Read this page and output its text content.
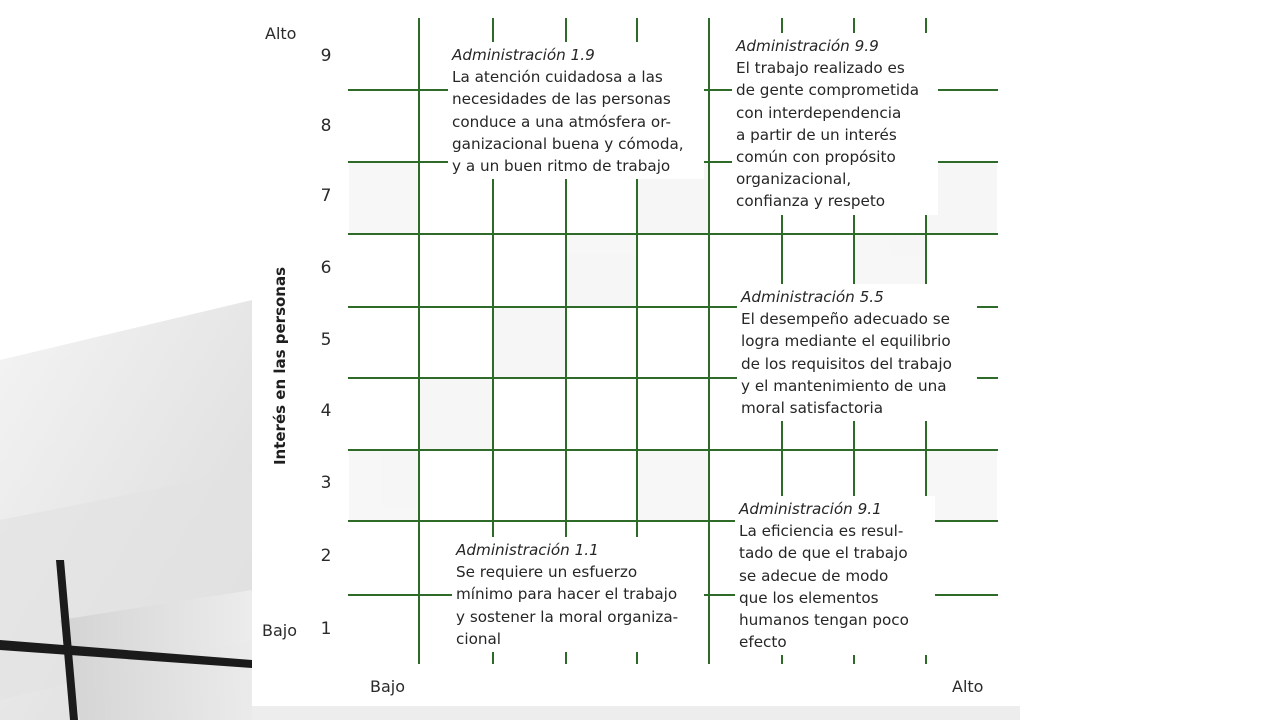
Alto
Bajo
Bajo	Alto
Interés en las personas
9
8
7
6
5
4
3
2
1
Administración 1.9
La atención cuidadosa a las
necesidades de las personas
conduce a una atmósfera or-
ganizacional buena y cómoda,
y a un buen ritmo de trabajo
Administración 9.9
El trabajo realizado es
de gente comprometida
con interdependencia
a partir de un interés
común con propósito
organizacional,
confianza y respeto
Administración 5.5
El desempeño adecuado se
logra mediante el equilibrio
de los requisitos del trabajo
y el mantenimiento de una
moral satisfactoria
Administración 1.1
Se requiere un esfuerzo
mínimo para hacer el trabajo
y sostener la moral organiza-
cional
Administración 9.1
La eficiencia es resul-
tado de que el trabajo
se adecue de modo
que los elementos
humanos tengan poco
efecto
